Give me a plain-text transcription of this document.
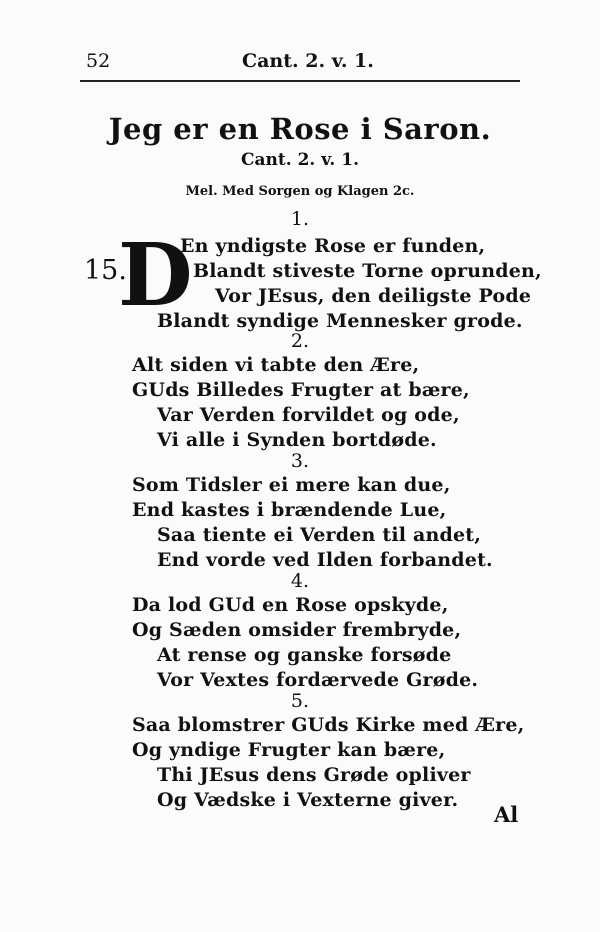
52	Cant. 2. v. 1.
Jeg er en Rose i Saron.
Cant. 2. v. 1.
Mel. Med Sorgen og Klagen 2c.
15.
D
1.
En yndigste Rose er funden,
Blandt stiveste Torne oprunden,
Vor JEsus, den deiligste Pode
Blandt syndige Mennesker grode.
2.
Alt siden vi tabte den Ære,
GUds Billedes Frugter at bære,
Var Verden forvildet og ode,
Vi alle i Synden bortdøde.
3.
Som Tidsler ei mere kan due,
End kastes i brændende Lue,
Saa tiente ei Verden til andet,
End vorde ved Ilden forbandet.
4.
Da lod GUd en Rose opskyde,
Og Sæden omsider frembryde,
At rense og ganske forsøde
Vor Vextes fordærvede Grøde.
5.
Saa blomstrer GUds Kirke med Ære,
Og yndige Frugter kan bære,
Thi JEsus dens Grøde opliver
Og Vædske i Vexterne giver.
Al
